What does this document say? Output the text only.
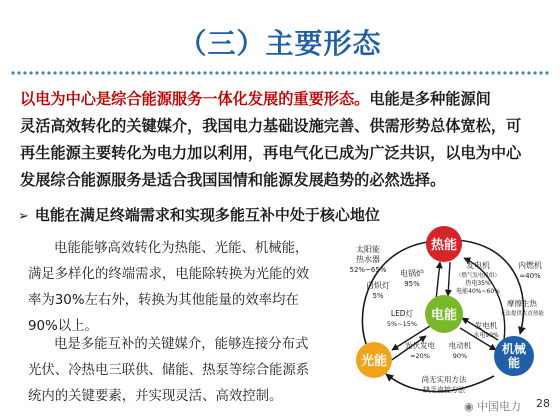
（三）主要形态
以电为中心是综合能源服务一体化发展的重要形态。电能是多种能源间
灵活高效转化的关键媒介，我国电力基础设施完善、供需形势总体宽松，可
再生能源主要转化为电力加以利用，再电气化已成为广泛共识，以电为中心
发展综合能源服务是适合我国国情和能源发展趋势的必然选择。
➢ 电能在满足终端需求和实现多能互补中处于核心地位
电能能够高效转化为热能、光能、机械能，
满足多样化的终端需求，电能除转换为光能的效
率为30%左右外，转换为其他能量的效率均在
90%以上。
电是多能互补的关键媒介，能够连接分布式
光伏、冷热电三联供、储能、热泵等综合能源系
统内的关键要素，并实现灵活、高效控制。
热能
电能
光能
机械
能
太阳能
热水器
52%~65%
白炽灯
5%
电锅炉
95%
发电机
（燃气发电机组）
热电35%
电能40%~60%
内燃机
≈40%
摩擦生热
无法提供太直热能
LED灯
5%~15%	发电机
水电90%
光伏发电
≈20%
电动机
90%
尚无实用方法
缺乏直接方法
◉ 中国电力 28
